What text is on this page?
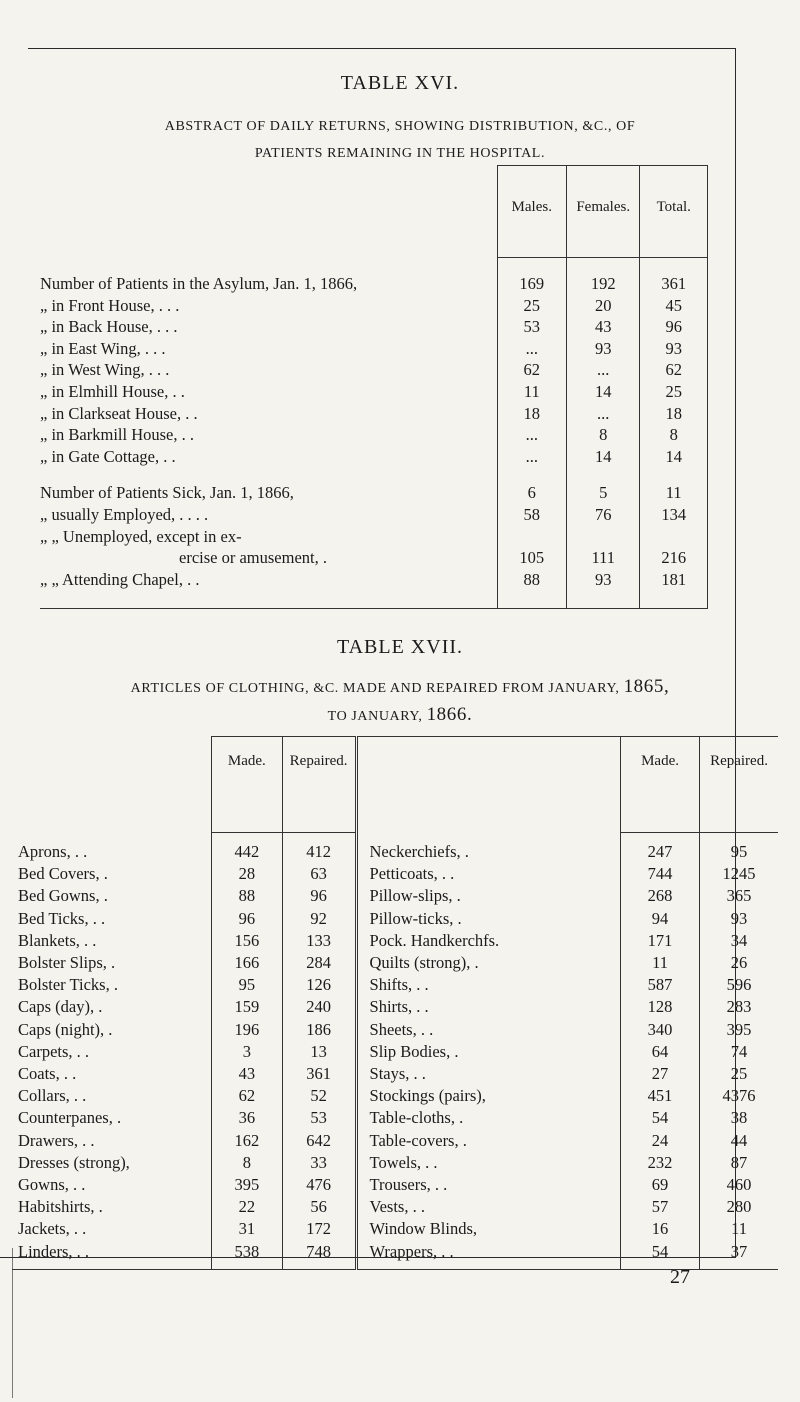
TABLE XVI.
ABSTRACT OF DAILY RETURNS, SHOWING DISTRIBUTION, &C., OF
PATIENTS REMAINING IN THE HOSPITAL.
	Males.	Females.	Total.

Number of Patients in the Asylum, Jan. 1, 1866,	169	192	361
„ in Front House, . . .	25	20	45
„ in Back House, . . .	53	43	96
„ in East Wing, . . .	...	93	93
„ in West Wing, . . .	62	...	62
„ in Elmhill House, . .	11	14	25
„ in Clarkseat House, . .	18	...	18
„ in Barkmill House, . .	...	8	8
„ in Gate Cottage, . .	...	14	14

Number of Patients Sick, Jan. 1, 1866,	6	5	11
„ usually Employed, . . . .	58	76	134
„ „ Unemployed, except in ex-			
ercise or amusement, .	105	111	216
„ „ Attending Chapel, . .	88	93	181

TABLE XVII.
ARTICLES OF CLOTHING, &C. MADE AND REPAIRED FROM JANUARY, 1865,
TO JANUARY, 1866.
	Made.	Repaired.		Made.	Repaired.

Aprons, . .	442	412	Neckerchiefs, .	247	95
Bed Covers, .	28	63	Petticoats, . .	744	1245
Bed Gowns, .	88	96	Pillow-slips, .	268	365
Bed Ticks, . .	96	92	Pillow-ticks, .	94	93
Blankets, . .	156	133	Pock. Handkerchfs.	171	34
Bolster Slips, .	166	284	Quilts (strong), .	11	26
Bolster Ticks, .	95	126	Shifts, . .	587	596
Caps (day), .	159	240	Shirts, . .	128	283
Caps (night), .	196	186	Sheets, . .	340	395
Carpets, . .	3	13	Slip Bodies, .	64	74
Coats, . .	43	361	Stays, . .	27	25
Collars, . .	62	52	Stockings (pairs),	451	4376
Counterpanes, .	36	53	Table-cloths, .	54	38
Drawers, . .	162	642	Table-covers, .	24	44
Dresses (strong),	8	33	Towels, . .	232	87
Gowns, . .	395	476	Trousers, . .	69	460
Habitshirts, .	22	56	Vests, . .	57	280
Jackets, . .	31	172	Window Blinds,	16	11
Linders, . .	538	748	Wrappers, . .	54	37
27
